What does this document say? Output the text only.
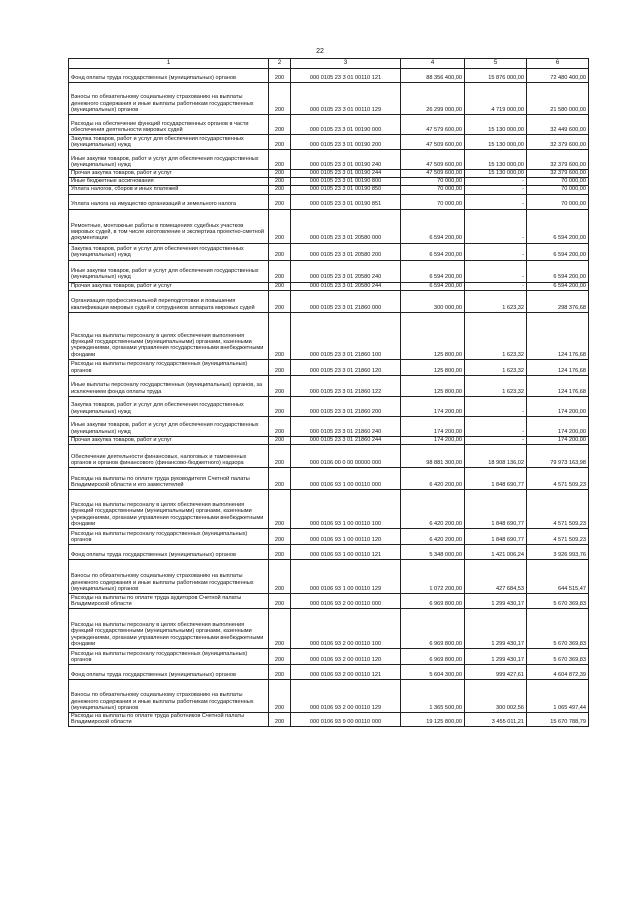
22
1	2	3	4	5	6
Фонд оплаты труда государственных (муниципальных) органов	200	000 0105 23 3 01 00110 121	88 356 400,00	15 876 000,00	72 480 400,00
Взносы по обязательному социальному страхованию на выплаты денежного содержания и иные выплаты работникам государственных (муниципальных) органов	200	000 0105 23 3 01 00110 129	26 299 000,00	4 719 000,00	21 580 000,00
Расходы на обеспечение функций государственных органов в части обеспечения деятельности мировых судей	200	000 0105 23 3 01 00190 000	47 579 600,00	15 130 000,00	32 449 600,00
Закупка товаров, работ и услуг для обеспечения государственных (муниципальных) нужд	200	000 0105 23 3 01 00190 200	47 509 600,00	15 130 000,00	32 379 600,00
Иные закупки товаров, работ и услуг для обеспечения государственных (муниципальных) нужд	200	000 0105 23 3 01 00190 240	47 509 600,00	15 130 000,00	32 379 600,00
Прочая закупка товаров, работ и услуг	200	000 0105 23 3 01 00190 244	47 509 600,00	15 130 000,00	32 379 600,00
Иные бюджетные ассигнования	200	000 0105 23 3 01 00190 800	70 000,00	-	70 000,00
Уплата налогов, сборов и иных платежей	200	000 0105 23 3 01 00190 850	70 000,00	-	70 000,00
Уплата налога на имущество организаций и земельного налога	200	000 0105 23 3 01 00190 851	70 000,00	-	70 000,00
Ремонтные, монтажные работы в помещениях судебных участков мировых судей, в том числе изготовление и экспертиза проектно-сметной документации	200	000 0105 23 3 01 20580 000	6 594 200,00	-	6 594 200,00
Закупка товаров, работ и услуг для обеспечения государственных (муниципальных) нужд	200	000 0105 23 3 01 20580 200	6 594 200,00	-	6 594 200,00
Иные закупки товаров, работ и услуг для обеспечения государственных (муниципальных) нужд	200	000 0105 23 3 01 20580 240	6 594 200,00	-	6 594 200,00
Прочая закупка товаров, работ и услуг	200	000 0105 23 3 01 20580 244	6 594 200,00	-	6 594 200,00
Организация профессиональной переподготовки и повышения квалификации мировых судей и сотрудников аппарата мировых судей	200	000 0105 23 3 01 21860 000	300 000,00	1 623,32	298 376,68
Расходы на выплаты персоналу в целях обеспечения выполнения функций государственными (муниципальными) органами, казенными учреждениями, органами управления государственными внебюджетными фондами	200	000 0105 23 3 01 21860 100	125 800,00	1 623,32	124 176,68
Расходы на выплаты персоналу государственных (муниципальных) органов	200	000 0105 23 3 01 21860 120	125 800,00	1 623,32	124 176,68
Иные выплаты персоналу государственных (муниципальных) органов, за исключением фонда оплаты труда	200	000 0105 23 3 01 21860 122	125 800,00	1 623,32	124 176,68
Закупка товаров, работ и услуг для обеспечения государственных (муниципальных) нужд	200	000 0105 23 3 01 21860 200	174 200,00	-	174 200,00
Иные закупки товаров, работ и услуг для обеспечения государственных (муниципальных) нужд	200	000 0105 23 3 01 21860 240	174 200,00	-	174 200,00
Прочая закупка товаров, работ и услуг	200	000 0105 23 3 01 21860 244	174 200,00	-	174 200,00
Обеспечение деятельности финансовых, налоговых и таможенных органов и органов финансового (финансово-бюджетного) надзора	200	000 0106 00 0 00 00000 000	98 881 300,00	18 908 136,02	79 973 163,98
Расходы на выплаты по оплате труда руководителя Счетной палаты Владимирской области и его заместителей	200	000 0106 93 1 00 00110 000	6 420 200,00	1 848 690,77	4 571 509,23
Расходы на выплаты персоналу в целях обеспечения выполнения функций государственными (муниципальными) органами, казенными учреждениями, органами управления государственными внебюджетными фондами	200	000 0106 93 1 00 00110 100	6 420 200,00	1 848 690,77	4 571 509,23
Расходы на выплаты персоналу государственных (муниципальных) органов	200	000 0106 93 1 00 00110 120	6 420 200,00	1 848 690,77	4 571 509,23
Фонд оплаты труда государственных (муниципальных) органов	200	000 0106 93 1 00 00110 121	5 348 000,00	1 421 006,24	3 926 993,76
Взносы по обязательному социальному страхованию на выплаты денежного содержания и иные выплаты работникам государственных (муниципальных) органов	200	000 0106 93 1 00 00110 129	1 072 200,00	427 684,53	644 515,47
Расходы на выплаты по оплате труда аудиторов Счетной палаты Владимирской области	200	000 0106 93 2 00 00110 000	6 969 800,00	1 299 430,17	5 670 369,83
Расходы на выплаты персоналу в целях обеспечения выполнения функций государственными (муниципальными) органами, казенными учреждениями, органами управления государственными внебюджетными фондами	200	000 0106 93 2 00 00110 100	6 969 800,00	1 299 430,17	5 670 369,83
Расходы на выплаты персоналу государственных (муниципальных) органов	200	000 0106 93 2 00 00110 120	6 969 800,00	1 299 430,17	5 670 369,83
Фонд оплаты труда государственных (муниципальных) органов	200	000 0106 93 2 00 00110 121	5 604 300,00	999 427,61	4 604 872,39
Взносы по обязательному социальному страхованию на выплаты денежного содержания и иные выплаты работникам государственных (муниципальных) органов	200	000 0106 93 2 00 00110 129	1 365 500,00	300 002,56	1 065 497,44
Расходы на выплаты по оплате труда работников Счетной палаты Владимирской области	200	000 0106 93 9 00 00110 000	19 125 800,00	3 455 011,21	15 670 788,79
